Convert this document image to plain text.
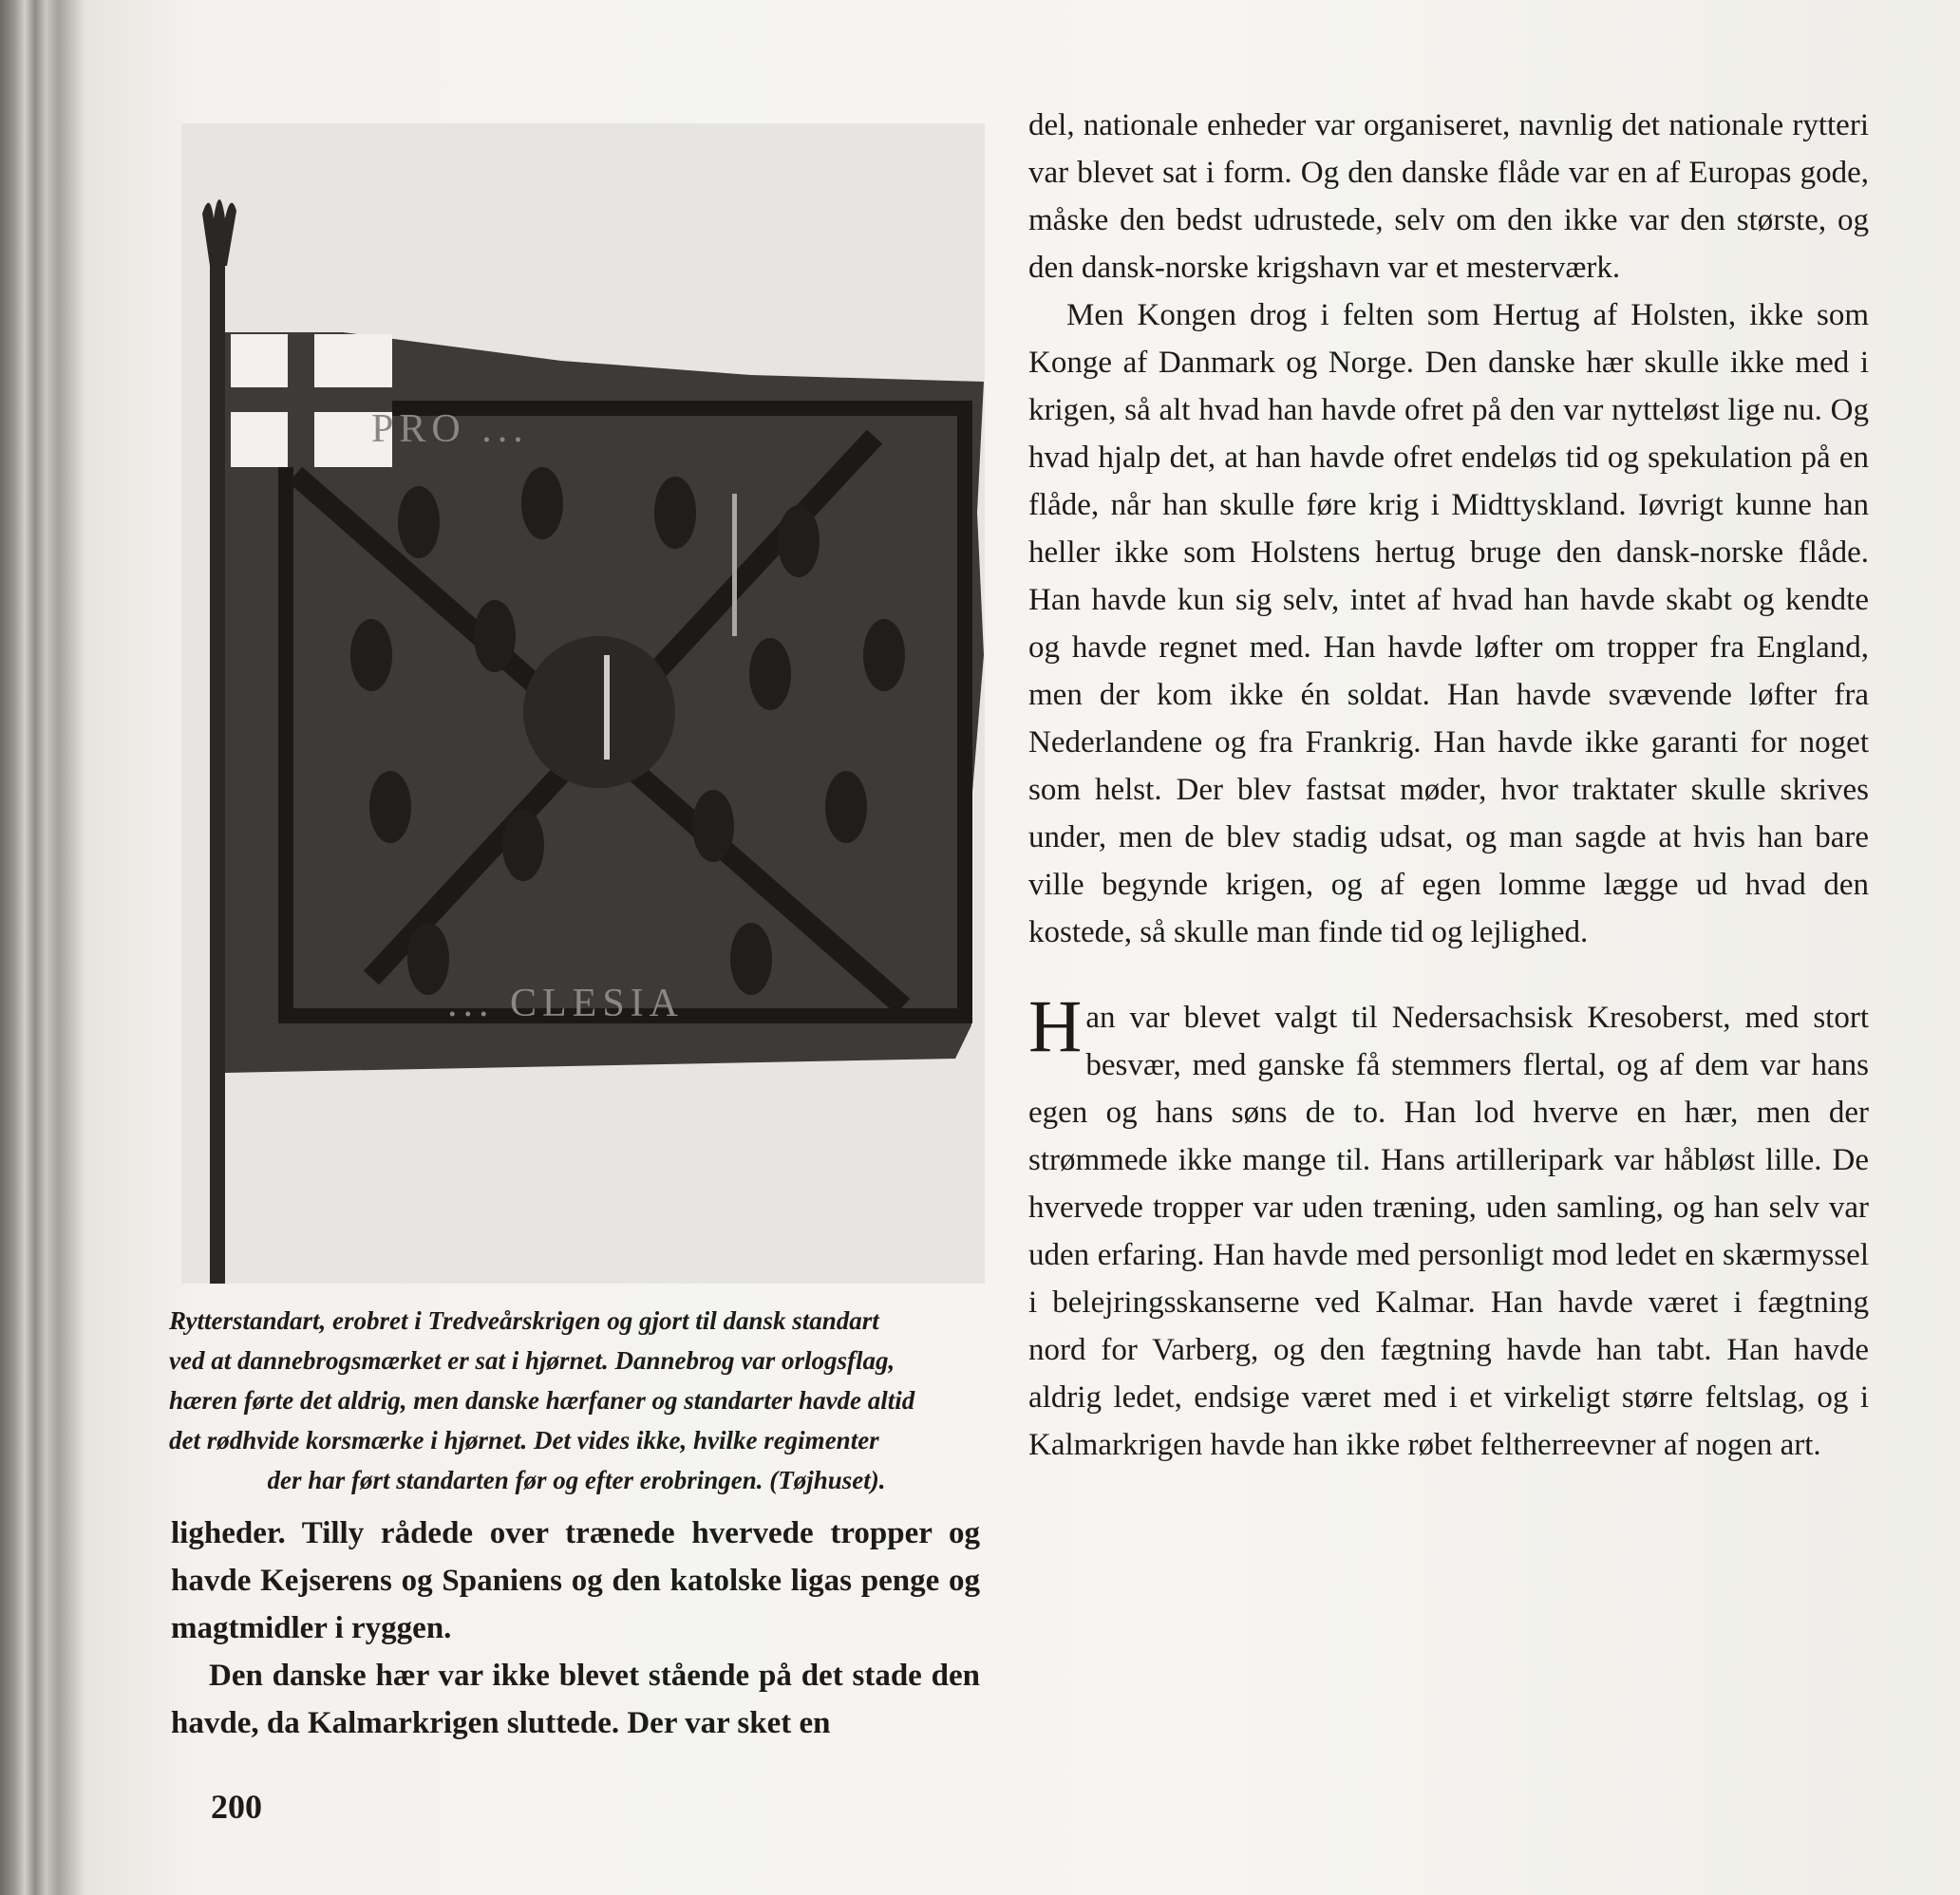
PRO ...
... CLESIA

Rytterstandart, erobret i Tredveårskrigen og gjort til dansk standart

ved at dannebrogsmærket er sat i hjørnet. Dannebrog var orlogsflag,

hæren førte det aldrig, men danske hærfaner og standarter havde altid

det rødhvide korsmærke i hjørnet. Det vides ikke, hvilke regimenter

der har ført standarten før og efter erobringen. (Tøjhuset).

ligheder. Tilly rådede over trænede hvervede tropper og havde Kejserens og Spaniens og den katolske ligas penge og magtmidler i ryggen.

Den danske hær var ikke blevet stående på det stade den havde, da Kalmarkrigen sluttede. Der var sket en

del, nationale enheder var organiseret, navnlig det nationale rytteri var blevet sat i form. Og den danske flåde var en af Europas gode, måske den bedst udrustede, selv om den ikke var den største, og den dansk-norske krigshavn var et mesterværk.

Men Kongen drog i felten som Hertug af Holsten, ikke som Konge af Danmark og Norge. Den danske hær skulle ikke med i krigen, så alt hvad han havde ofret på den var nytteløst lige nu. Og hvad hjalp det, at han havde ofret endeløs tid og spekulation på en flåde, når han skulle føre krig i Midttyskland. Iøvrigt kunne han heller ikke som Holstens hertug bruge den dansk-norske flåde. Han havde kun sig selv, intet af hvad han havde skabt og kendte og havde regnet med. Han havde løfter om tropper fra England, men der kom ikke én soldat. Han havde svævende løfter fra Nederlandene og fra Frankrig. Han havde ikke garanti for noget som helst. Der blev fastsat møder, hvor traktater skulle skrives under, men de blev stadig udsat, og man sagde at hvis han bare ville begynde krigen, og af egen lomme lægge ud hvad den kostede, så skulle man finde tid og lejlighed.

Han var blevet valgt til Nedersachsisk Kresoberst, med stort besvær, med ganske få stemmers flertal, og af dem var hans egen og hans søns de to. Han lod hverve en hær, men der strømmede ikke mange til. Hans artilleripark var håbløst lille. De hvervede tropper var uden træning, uden samling, og han selv var uden erfaring. Han havde med personligt mod ledet en skærmyssel i belejringsskanserne ved Kalmar. Han havde været i fægtning nord for Varberg, og den fægtning havde han tabt. Han havde aldrig ledet, endsige været med i et virkeligt større feltslag, og i Kalmarkrigen havde han ikke røbet feltherreevner af nogen art.

200
